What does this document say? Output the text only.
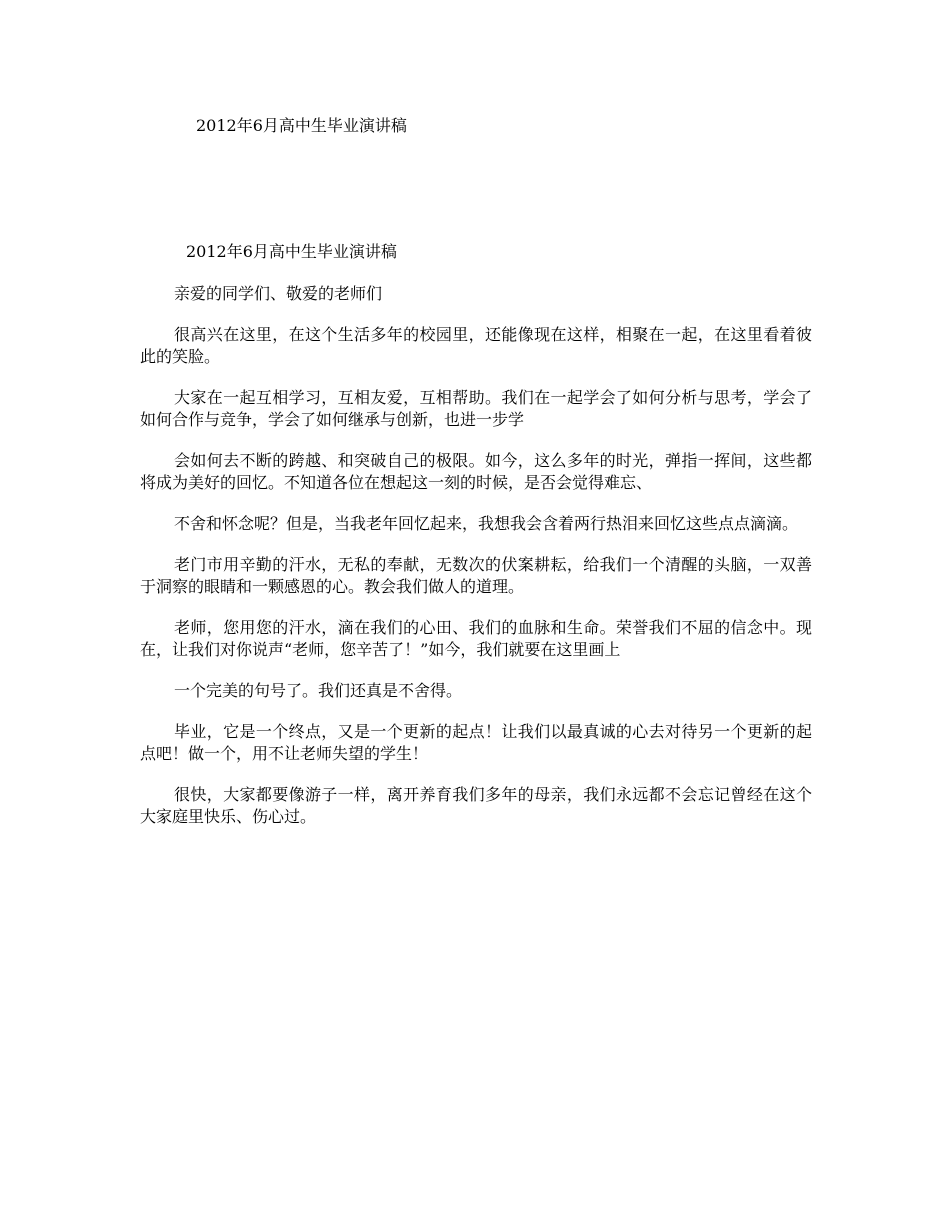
2012年6月高中生毕业演讲稿
2012年6月高中生毕业演讲稿

亲爱的同学们、敬爱的老师们

很高兴在这里，在这个生活多年的校园里，还能像现在这样，相聚在一起，在这里看着彼此的笑脸。

大家在一起互相学习，互相友爱，互相帮助。我们在一起学会了如何分析与思考，学会了如何合作与竞争，学会了如何继承与创新，也进一步学

会如何去不断的跨越、和突破自己的极限。如今，这么多年的时光，弹指一挥间，这些都将成为美好的回忆。不知道各位在想起这一刻的时候，是否会觉得难忘、

不舍和怀念呢？但是，当我老年回忆起来，我想我会含着两行热泪来回忆这些点点滴滴。

老门市用辛勤的汗水，无私的奉献，无数次的伏案耕耘，给我们一个清醒的头脑，一双善于洞察的眼睛和一颗感恩的心。教会我们做人的道理。

老师，您用您的汗水，滴在我们的心田、我们的血脉和生命。荣誉我们不屈的信念中。现在，让我们对你说声“老师，您辛苦了！”如今，我们就要在这里画上

一个完美的句号了。我们还真是不舍得。

毕业，它是一个终点，又是一个更新的起点！让我们以最真诚的心去对待另一个更新的起点吧！做一个，用不让老师失望的学生！

很快，大家都要像游子一样，离开养育我们多年的母亲，我们永远都不会忘记曾经在这个大家庭里快乐、伤心过。
